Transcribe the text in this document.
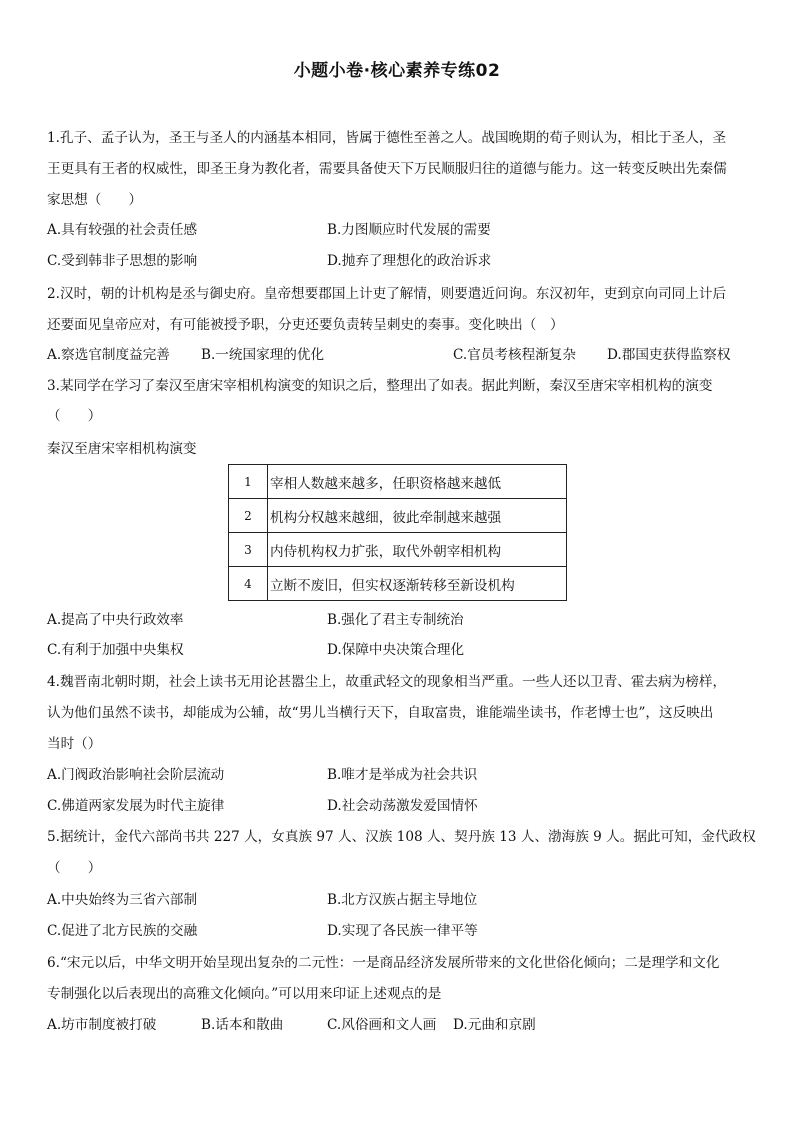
小题小卷·核心素养专练02
1.孔子、孟子认为，圣王与圣人的内涵基本相同，皆属于德性至善之人。战国晚期的荀子则认为，相比于圣人，圣
王更具有王者的权威性，即圣王身为教化者，需要具备使天下万民顺服归往的道德与能力。这一转变反映出先秦儒
家思想（　　）
A.具有较强的社会责任感	B.力图顺应时代发展的需要
C.受到韩非子思想的影响	D.抛弃了理想化的政治诉求
2.汉时，朝的计机构是丞与御史府。皇帝想要郡国上计吏了解情，则要遣近问询。东汉初年，吏到京向司同上计后
还要面见皇帝应对，有可能被授予职，分吏还要负责转呈刺史的奏事。变化映出（　）
A.察选官制度益完善 B.一统国家理的优化	C.官员考核程渐复杂 D.郡国吏获得监察权
3.某同学在学习了秦汉至唐宋宰相机构演变的知识之后，整理出了如表。据此判断，秦汉至唐宋宰相机构的演变
（　　）
秦汉至唐宋宰相机构演变
1	宰相人数越来越多，任职资格越来越低
2	机构分权越来越细，彼此牵制越来越强
3	内侍机构权力扩张，取代外朝宰相机构
4	立断不废旧，但实权逐渐转移至新设机构
A.提高了中央行政效率	B.强化了君主专制统治
C.有利于加强中央集权	D.保障中央决策合理化
4.魏晋南北朝时期，社会上读书无用论甚嚣尘上，故重武轻文的现象相当严重。一些人还以卫青、霍去病为榜样，
认为他们虽然不读书，却能成为公辅，故“男儿当横行天下，自取富贵，谁能端坐读书，作老博士也”，这反映出
当时（）
A.门阀政治影响社会阶层流动	B.唯才是举成为社会共识
C.佛道两家发展为时代主旋律	D.社会动荡激发爱国情怀
5.据统计，金代六部尚书共 227 人，女真族 97 人、汉族 108 人、契丹族 13 人、渤海族 9 人。据此可知，金代政权
（　　）
A.中央始终为三省六部制	B.北方汉族占据主导地位
C.促进了北方民族的交融	D.实现了各民族一律平等
6.“宋元以后，中华文明开始呈现出复杂的二元性：一是商品经济发展所带来的文化世俗化倾向；二是理学和文化
专制强化以后表现出的高雅文化倾向。”可以用来印证上述观点的是
A.坊市制度被打破	B.话本和散曲	C.风俗画和文人画 D.元曲和京剧
